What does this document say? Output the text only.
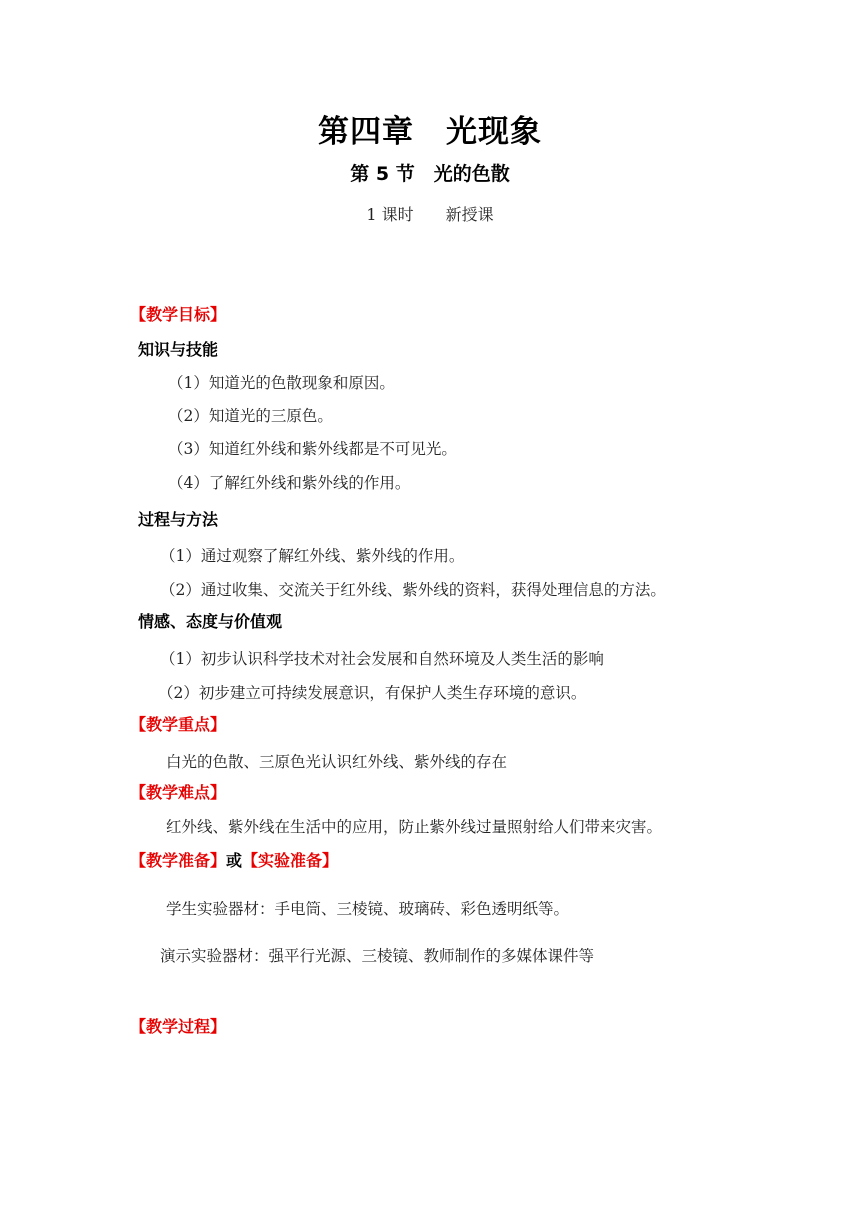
第四章　光现象
第 5 节　光的色散
1 课时　　新授课
【教学目标】
知识与技能
（1）知道光的色散现象和原因。
（2）知道光的三原色。
（3）知道红外线和紫外线都是不可见光。
（4）了解红外线和紫外线的作用。
过程与方法
（1）通过观察了解红外线、紫外线的作用。
（2）通过收集、交流关于红外线、紫外线的资料，获得处理信息的方法。
情感、态度与价值观
（1）初步认识科学技术对社会发展和自然环境及人类生活的影响
（2）初步建立可持续发展意识，有保护人类生存环境的意识。
【教学重点】
白光的色散、三原色光认识红外线、紫外线的存在
【教学难点】
红外线、紫外线在生活中的应用，防止紫外线过量照射给人们带来灾害。
【教学准备】或【实验准备】
学生实验器材：手电筒、三棱镜、玻璃砖、彩色透明纸等。
演示实验器材：强平行光源、三棱镜、教师制作的多媒体课件等
【教学过程】
